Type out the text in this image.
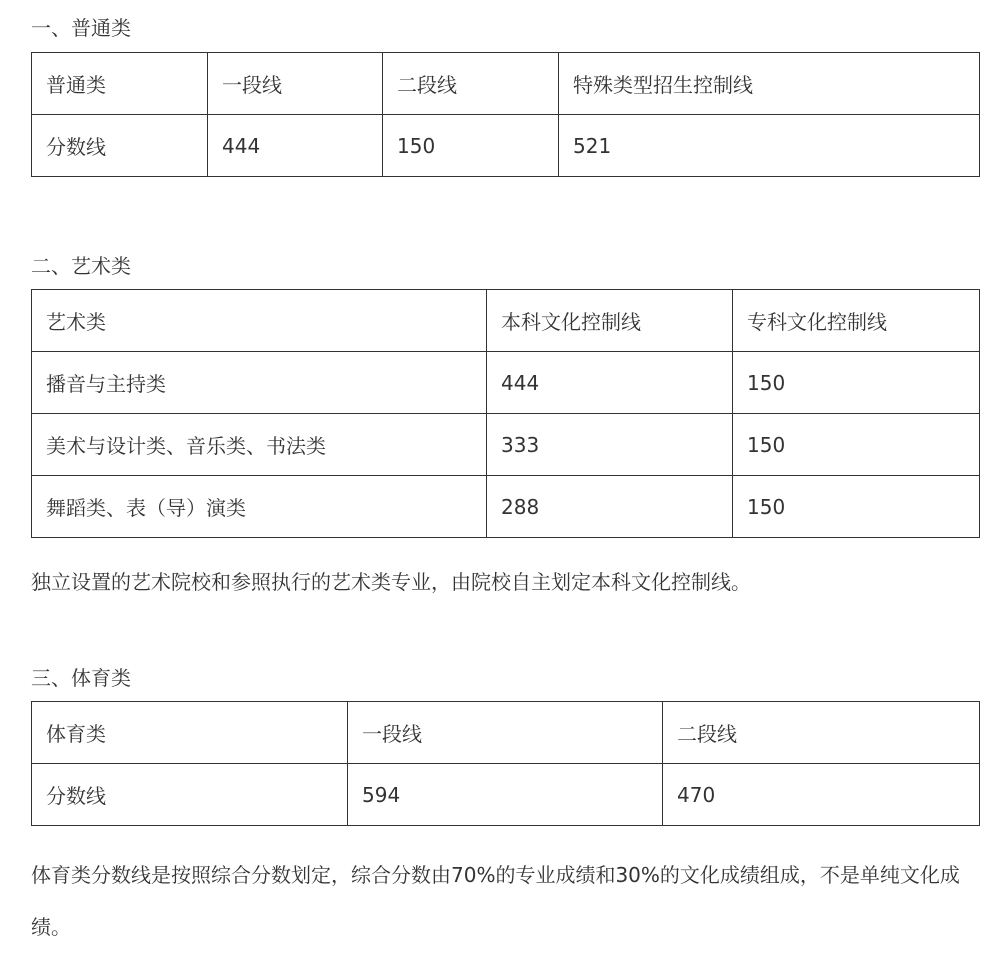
一、普通类
普通类	一段线	二段线	特殊类型招生控制线
分数线	444	150	521
二、艺术类
艺术类	本科文化控制线	专科文化控制线
播音与主持类	444	150
美术与设计类、音乐类、书法类	333	150
舞蹈类、表（导）演类	288	150
独立设置的艺术院校和参照执行的艺术类专业，由院校自主划定本科文化控制线。
三、体育类
体育类	一段线	二段线
分数线	594	470
体育类分数线是按照综合分数划定，综合分数由70%的专业成绩和30%的文化成绩组成，不是单纯文化成绩。
